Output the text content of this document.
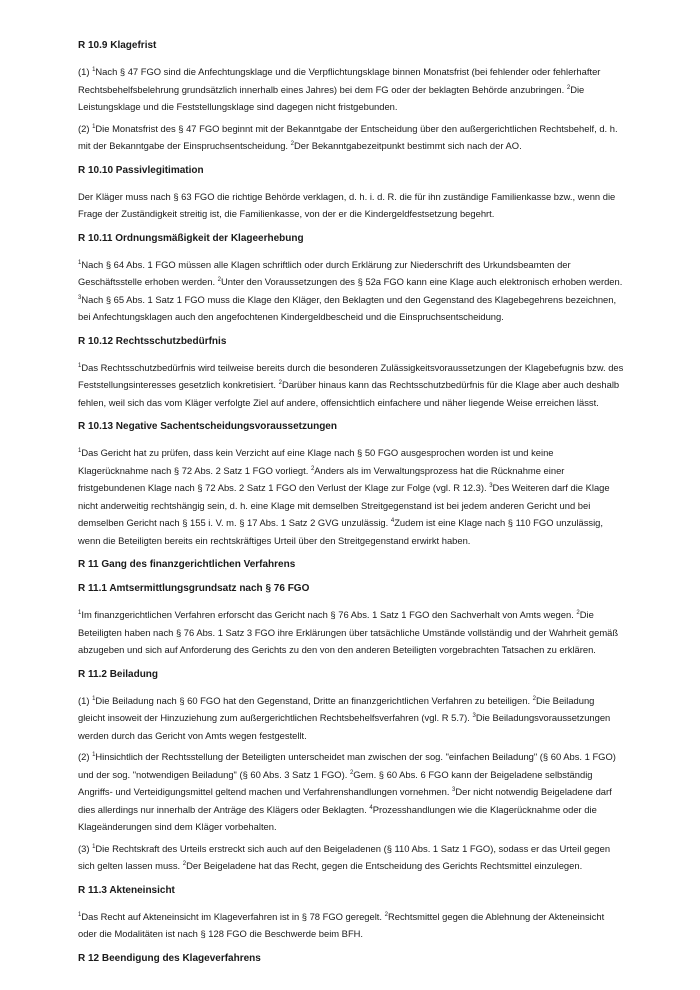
R 10.9 Klagefrist

(1) $^1$Nach § 47 FGO sind die Anfechtungsklage und die Verpflichtungsklage binnen Monatsfrist (bei fehlender oder fehlerhafter Rechtsbehelfsbelehrung grundsätzlich innerhalb eines Jahres) bei dem FG oder der beklagten Behörde anzubringen. $^2$Die Leistungsklage und die Feststellungsklage sind dagegen nicht fristgebunden.

(2) $^1$Die Monatsfrist des § 47 FGO beginnt mit der Bekanntgabe der Entscheidung über den außergerichtlichen Rechtsbehelf, d. h. mit der Bekanntgabe der Einspruchsentscheidung. $^2$Der Bekanntgabezeitpunkt bestimmt sich nach der AO.

R 10.10 Passivlegitimation

Der Kläger muss nach § 63 FGO die richtige Behörde verklagen, d. h. i. d. R. die für ihn zuständige Familienkasse bzw., wenn die Frage der Zuständigkeit streitig ist, die Familienkasse, von der er die Kindergeldfestsetzung begehrt.

R 10.11 Ordnungsmäßigkeit der Klageerhebung

$^1$Nach § 64 Abs. 1 FGO müssen alle Klagen schriftlich oder durch Erklärung zur Niederschrift des Urkundsbeamten der Geschäftsstelle erhoben werden. $^2$Unter den Voraussetzungen des § 52a FGO kann eine Klage auch elektronisch erhoben werden. $^3$Nach § 65 Abs. 1 Satz 1 FGO muss die Klage den Kläger, den Beklagten und den Gegenstand des Klagebegehrens bezeichnen, bei Anfechtungsklagen auch den angefochtenen Kindergeldbescheid und die Einspruchsentscheidung.

R 10.12 Rechtsschutzbedürfnis

$^1$Das Rechtsschutzbedürfnis wird teilweise bereits durch die besonderen Zulässigkeitsvoraussetzungen der Klagebefugnis bzw. des Feststellungsinteresses gesetzlich konkretisiert. $^2$Darüber hinaus kann das Rechtsschutzbedürfnis für die Klage aber auch deshalb fehlen, weil sich das vom Kläger verfolgte Ziel auf andere, offensichtlich einfachere und näher liegende Weise erreichen lässt.

R 10.13 Negative Sachentscheidungsvoraussetzungen

$^1$Das Gericht hat zu prüfen, dass kein Verzicht auf eine Klage nach § 50 FGO ausgesprochen worden ist und keine Klagerücknahme nach § 72 Abs. 2 Satz 1 FGO vorliegt. $^2$Anders als im Verwaltungsprozess hat die Rücknahme einer fristgebundenen Klage nach § 72 Abs. 2 Satz 1 FGO den Verlust der Klage zur Folge (vgl. R 12.3). $^3$Des Weiteren darf die Klage nicht anderweitig rechtshängig sein, d. h. eine Klage mit demselben Streitgegenstand ist bei jedem anderen Gericht und bei demselben Gericht nach § 155 i. V. m. § 17 Abs. 1 Satz 2 GVG unzulässig. $^4$Zudem ist eine Klage nach § 110 FGO unzulässig, wenn die Beteiligten bereits ein rechtskräftiges Urteil über den Streitgegenstand erwirkt haben.

R 11 Gang des finanzgerichtlichen Verfahrens
R 11.1 Amtsermittlungsgrundsatz nach § 76 FGO

$^1$Im finanzgerichtlichen Verfahren erforscht das Gericht nach § 76 Abs. 1 Satz 1 FGO den Sachverhalt von Amts wegen. $^2$Die Beteiligten haben nach § 76 Abs. 1 Satz 3 FGO ihre Erklärungen über tatsächliche Umstände vollständig und der Wahrheit gemäß abzugeben und sich auf Anforderung des Gerichts zu den von den anderen Beteiligten vorgebrachten Tatsachen zu erklären.

R 11.2 Beiladung

(1) $^1$Die Beiladung nach § 60 FGO hat den Gegenstand, Dritte an finanzgerichtlichen Verfahren zu beteiligen. $^2$Die Beiladung gleicht insoweit der Hinzuziehung zum außergerichtlichen Rechtsbehelfsverfahren (vgl. R 5.7). $^3$Die Beiladungsvoraussetzungen werden durch das Gericht von Amts wegen festgestellt.

(2) $^1$Hinsichtlich der Rechtsstellung der Beteiligten unterscheidet man zwischen der sog. "einfachen Beiladung" (§ 60 Abs. 1 FGO) und der sog. "notwendigen Beiladung" (§ 60 Abs. 3 Satz 1 FGO). $^2$Gem. § 60 Abs. 6 FGO kann der Beigeladene selbständig Angriffs- und Verteidigungsmittel geltend machen und Verfahrenshandlungen vornehmen. $^3$Der nicht notwendig Beigeladene darf dies allerdings nur innerhalb der Anträge des Klägers oder Beklagten. $^4$Prozesshandlungen wie die Klagerücknahme oder die Klageänderungen sind dem Kläger vorbehalten.

(3) $^1$Die Rechtskraft des Urteils erstreckt sich auch auf den Beigeladenen (§ 110 Abs. 1 Satz 1 FGO), sodass er das Urteil gegen sich gelten lassen muss. $^2$Der Beigeladene hat das Recht, gegen die Entscheidung des Gerichts Rechtsmittel einzulegen.

R 11.3 Akteneinsicht

$^1$Das Recht auf Akteneinsicht im Klageverfahren ist in § 78 FGO geregelt. $^2$Rechtsmittel gegen die Ablehnung der Akteneinsicht oder die Modalitäten ist nach § 128 FGO die Beschwerde beim BFH.

R 12 Beendigung des Klageverfahrens
